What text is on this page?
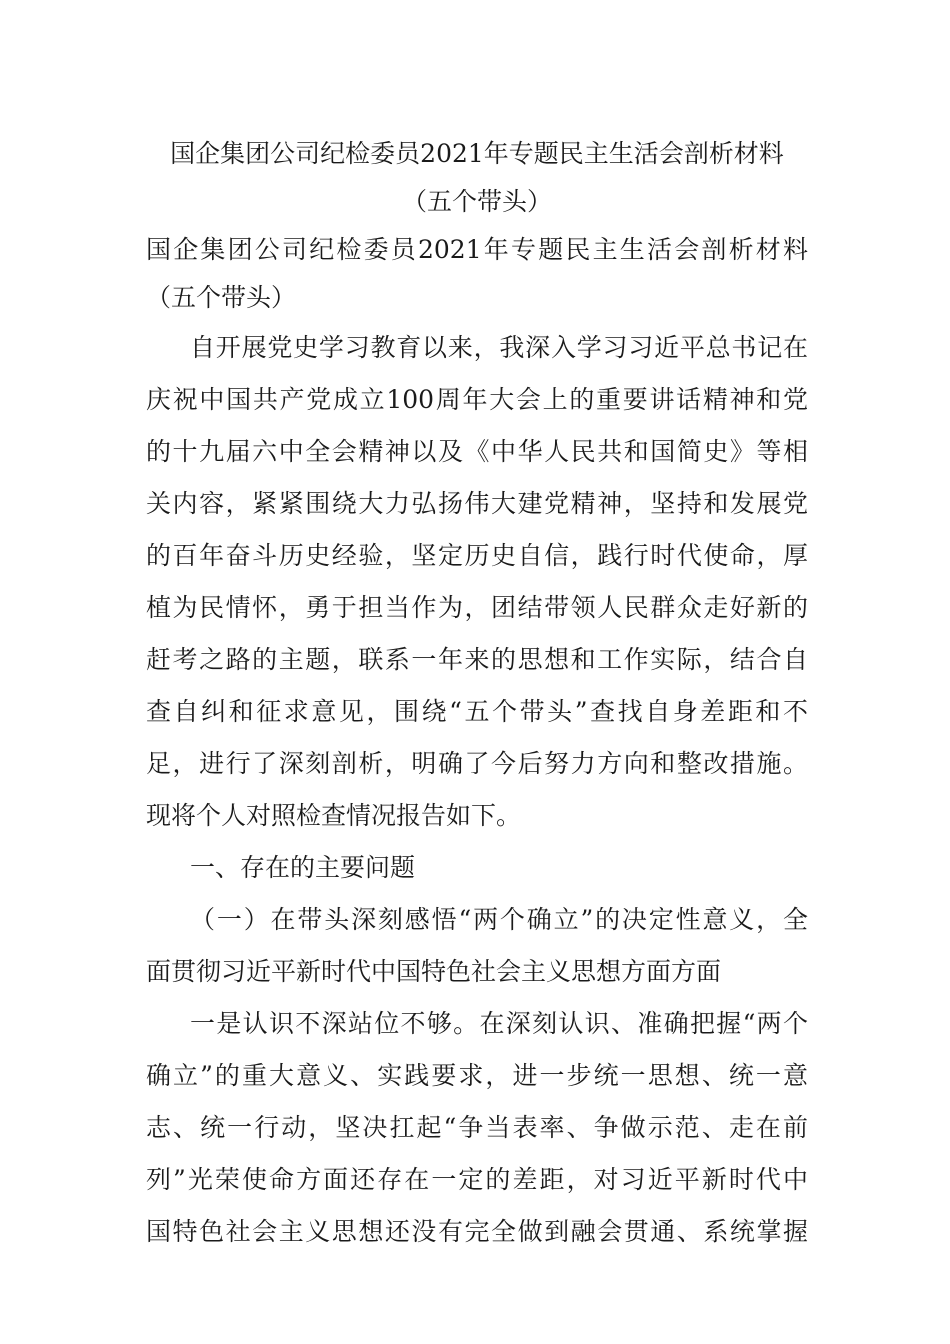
国企集团公司纪检委员2021年专题民主生活会剖析材料
（五个带头）
国企集团公司纪检委员2021年专题民主生活会剖析材料
（五个带头）
自开展党史学习教育以来，我深入学习习近平总书记在
庆祝中国共产党成立100周年大会上的重要讲话精神和党
的十九届六中全会精神以及《中华人民共和国简史》等相
关内容，紧紧围绕大力弘扬伟大建党精神，坚持和发展党
的百年奋斗历史经验，坚定历史自信，践行时代使命，厚
植为民情怀，勇于担当作为，团结带领人民群众走好新的
赶考之路的主题，联系一年来的思想和工作实际，结合自
查自纠和征求意见，围绕“五个带头”查找自身差距和不
足，进行了深刻剖析，明确了今后努力方向和整改措施。
现将个人对照检查情况报告如下。
一、存在的主要问题
（一）在带头深刻感悟“两个确立”的决定性意义，全
面贯彻习近平新时代中国特色社会主义思想方面方面
一是认识不深站位不够。在深刻认识、准确把握“两个
确立”的重大意义、实践要求，进一步统一思想、统一意
志、统一行动，坚决扛起“争当表率、争做示范、走在前
列”光荣使命方面还存在一定的差距，对习近平新时代中
国特色社会主义思想还没有完全做到融会贯通、系统掌握
